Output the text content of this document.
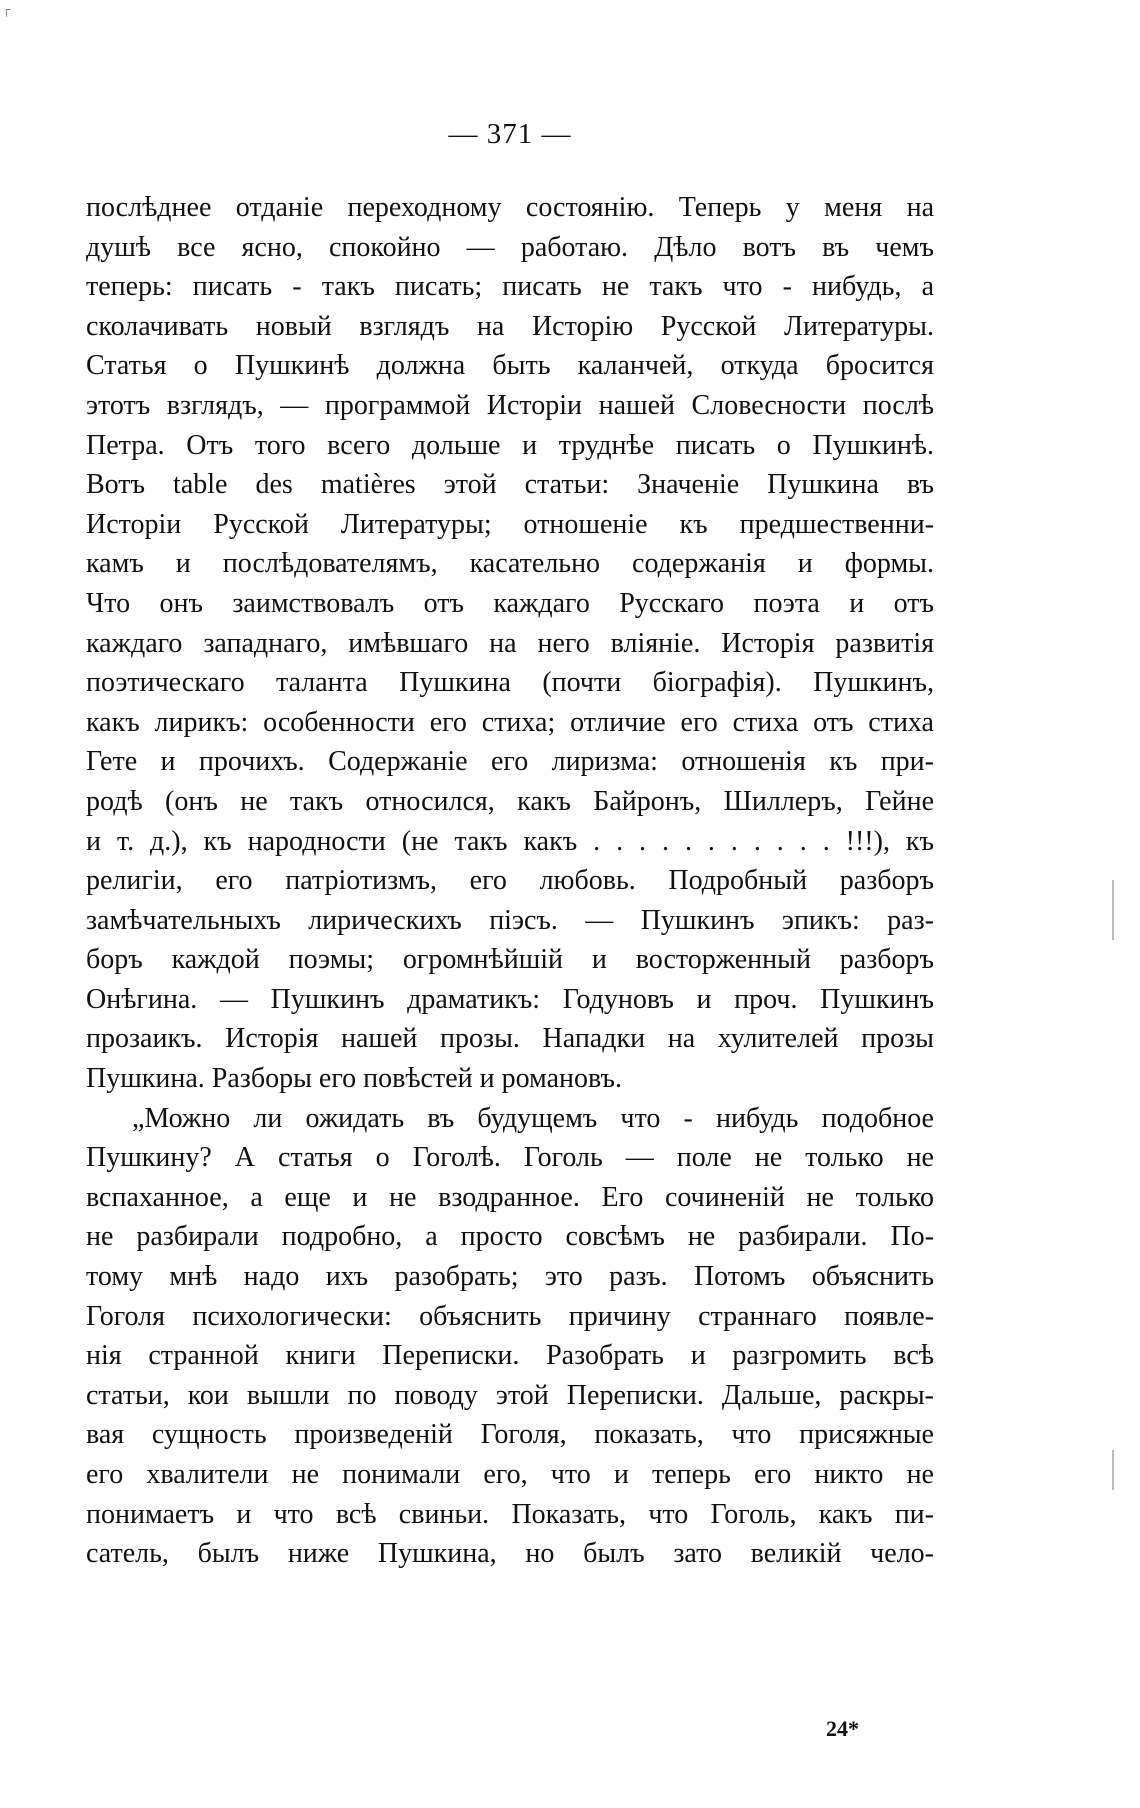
┌
— 371 —
послѣднее отданіе переходному состоянію. Теперь у меня на
душѣ все ясно, спокойно — работаю. Дѣло вотъ въ чемъ
теперь: писать - такъ писать; писать не такъ что - нибудь, а
сколачивать новый взглядъ на Исторію Русской Литературы.
Статья о Пушкинѣ должна быть каланчей, откуда бросится
этотъ взглядъ, — программой Исторіи нашей Словесности послѣ
Петра. Отъ того всего дольше и труднѣе писать о Пушкинѣ.
Вотъ table des matières этой статьи: Значеніе Пушкина въ
Исторіи Русской Литературы; отношеніе къ предшественни-
камъ и послѣдователямъ, касательно содержанія и формы.
Что онъ заимствовалъ отъ каждаго Русскаго поэта и отъ
каждаго западнаго, имѣвшаго на него вліяніе. Исторія развитія
поэтическаго таланта Пушкина (почти біографія). Пушкинъ,
какъ лирикъ: особенности его стиха; отличие его стиха отъ стиха
Гете и прочихъ. Содержаніе его лиризма: отношенія къ при-
родѣ (онъ не такъ относился, какъ Байронъ, Шиллеръ, Гейне
и т. д.), къ народности (не такъ какъ . . . . . . . . . . . !!!), къ
религіи, его патріотизмъ, его любовь. Подробный разборъ
замѣчательныхъ лирическихъ піэсъ. — Пушкинъ эпикъ: раз-
боръ каждой поэмы; огромнѣйшій и восторженный разборъ
Онѣгина. — Пушкинъ драматикъ: Годуновъ и проч. Пушкинъ
прозаикъ. Исторія нашей прозы. Нападки на хулителей прозы
Пушкина. Разборы его повѣстей и романовъ.
„Можно ли ожидать въ будущемъ что - нибудь подобное
Пушкину? А статья о Гоголѣ. Гоголь — поле не только не
вспаханное, а еще и не взодранное. Его сочиненій не только
не разбирали подробно, а просто совсѣмъ не разбирали. По-
тому мнѣ надо ихъ разобрать; это разъ. Потомъ объяснить
Гоголя психологически: объяснить причину страннаго появле-
нія странной книги Переписки. Разобрать и разгромить всѣ
статьи, кои вышли по поводу этой Переписки. Дальше, раскры-
вая сущность произведеній Гоголя, показать, что присяжные
его хвалители не понимали его, что и теперь его никто не
понимаетъ и что всѣ свиньи. Показать, что Гоголь, какъ пи-
сатель, былъ ниже Пушкина, но былъ зато великій чело-
24*
